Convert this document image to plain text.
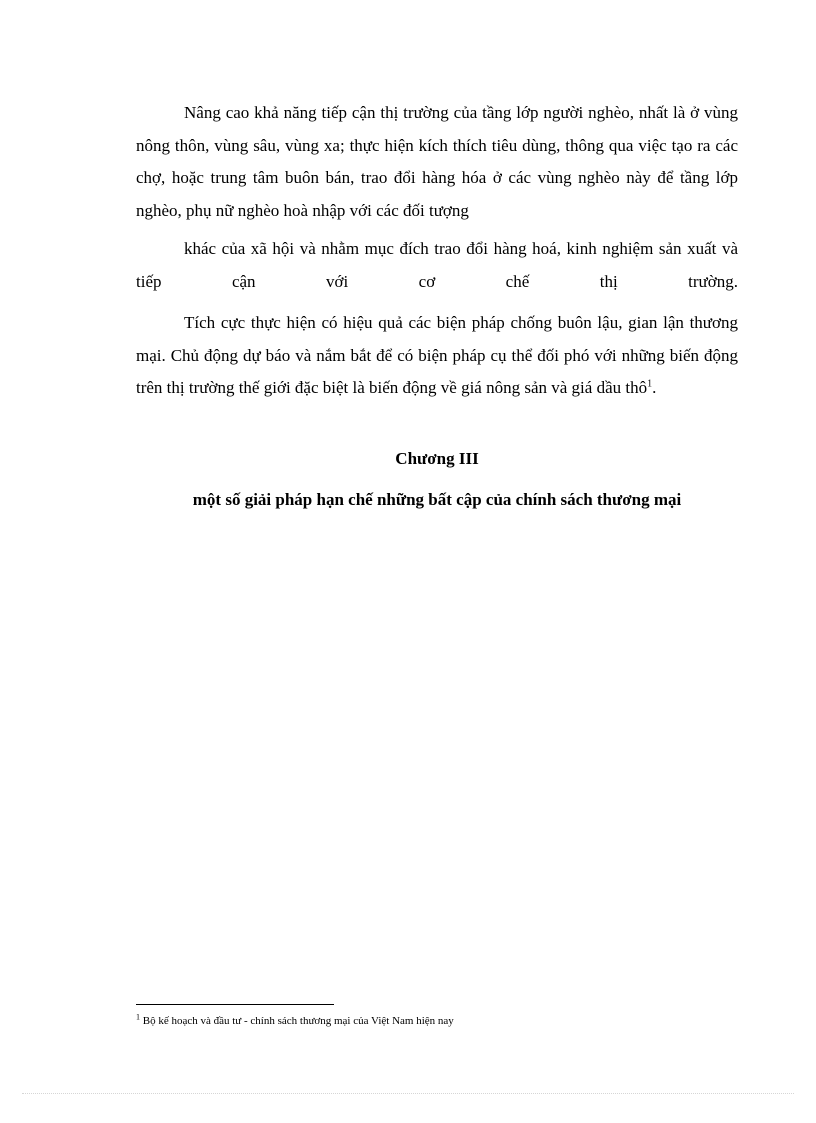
Nâng cao khả năng tiếp cận thị trường của tầng lớp người nghèo, nhất là ở vùng nông thôn, vùng sâu, vùng xa; thực hiện kích thích tiêu dùng, thông qua việc tạo ra các chợ, hoặc trung tâm buôn bán, trao đổi hàng hóa ở các vùng nghèo này để tầng lớp nghèo, phụ nữ nghèo hoà nhập với các đối tượng

khác của xã hội và nhằm mục đích trao đổi hàng hoá, kinh nghiệm sản xuất và tiếp cận với cơ chế thị trường.

Tích cực thực hiện có hiệu quả các biện pháp chống buôn lậu, gian lận thương mại. Chủ động dự báo và nắm bắt để có biện pháp cụ thể đối phó với những biến động trên thị trường thế giới đặc biệt là biến động về giá nông sản và giá dầu thô$^1$.

Chương III

một số giải pháp hạn chế những bất cập của chính sách thương mại

$^1$ Bộ kế hoạch và đầu tư - chính sách thương mại của Việt Nam hiện nay
